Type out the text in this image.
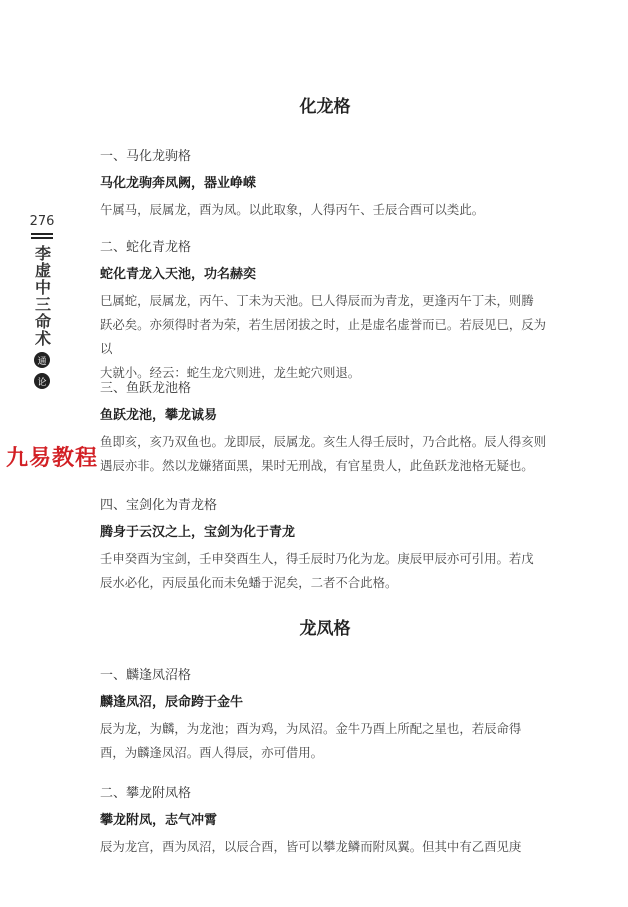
276
李虚中三命术
通
论
九易教程
化龙格

一、马化龙驹格

马化龙驹奔凤阙，器业峥嵘

午属马，辰属龙，酉为凤。以此取象，人得丙午、壬辰合酉可以类此。

二、蛇化青龙格

蛇化青龙入天池，功名赫奕

巳属蛇，辰属龙，丙午、丁未为天池。巳人得辰而为青龙，更逢丙午丁未，则腾

跃必矣。亦须得时者为荣，若生居闭拔之时，止是虚名虚誉而已。若辰见巳，反为以

大就小。经云：蛇生龙穴则进，龙生蛇穴则退。

三、鱼跃龙池格

鱼跃龙池，攀龙诚易

鱼即亥，亥乃双鱼也。龙即辰，辰属龙。亥生人得壬辰时，乃合此格。辰人得亥则

遇辰亦非。然以龙嫌猪面黑，果时无刑战，有官星贵人，此鱼跃龙池格无疑也。

四、宝剑化为青龙格

腾身于云汉之上，宝剑为化于青龙

壬申癸酉为宝剑，壬申癸酉生人，得壬辰时乃化为龙。庚辰甲辰亦可引用。若戊

辰水必化，丙辰虽化而未免蟠于泥矣，二者不合此格。

龙凤格

一、麟逢凤沼格

麟逢凤沼，辰命跨于金牛

辰为龙，为麟，为龙池；酉为鸡，为凤沼。金牛乃酉上所配之星也，若辰命得

酉，为麟逢凤沼。酉人得辰，亦可借用。

二、攀龙附凤格

攀龙附凤，志气冲霄

辰为龙宫，酉为凤沼，以辰合酉，皆可以攀龙鳞而附凤翼。但其中有乙酉见庚
